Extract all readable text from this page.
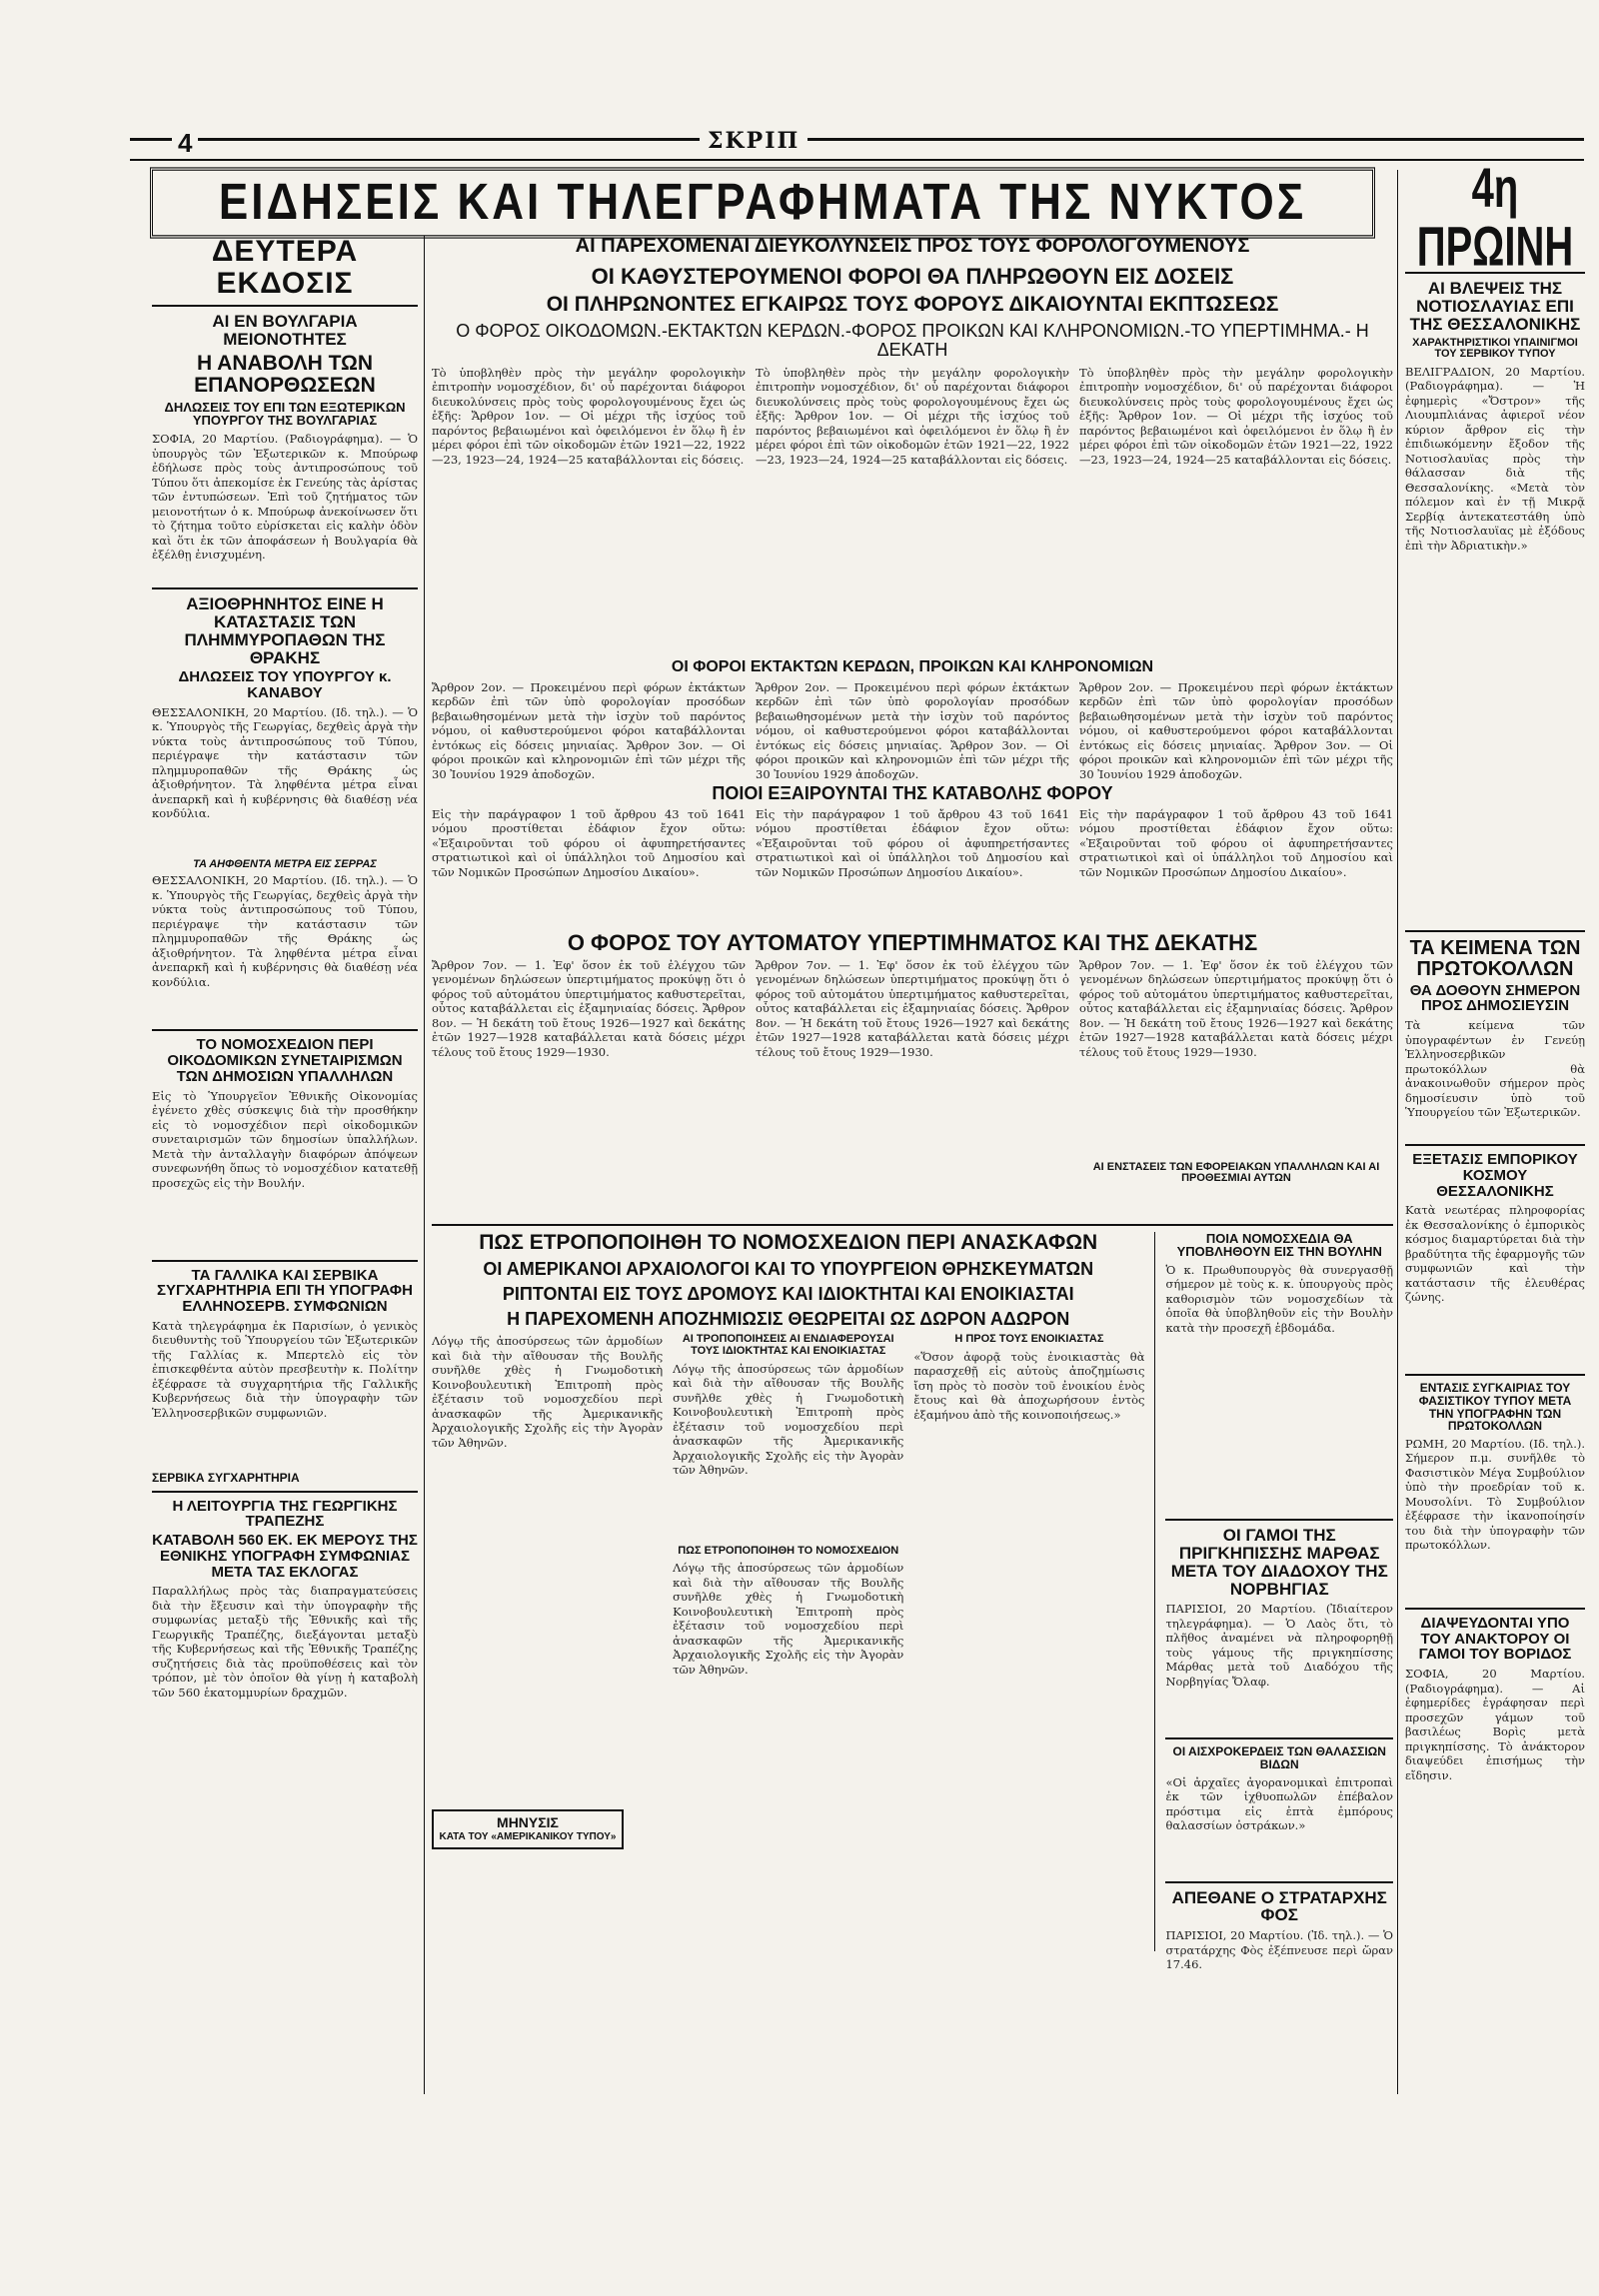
4	ΣΚΡΙΠ
ΕΙΔΗΣΕΙΣ ΚΑΙ ΤΗΛΕΓΡΑΦΗΜΑΤΑ ΤΗΣ ΝΥΚΤΟΣ
ΔΕΥΤΕΡΑ ΕΚΔΟΣΙΣ
ΑΙ ΕΝ ΒΟΥΛΓΑΡΙΑ ΜΕΙΟΝΟΤΗΤΕΣ
Η ΑΝΑΒΟΛΗ ΤΩΝ ΕΠΑΝΟΡΘΩΣΕΩΝ
ΔΗΛΩΣΕΙΣ ΤΟΥ ΕΠΙ ΤΩΝ ΕΞΩΤΕΡΙΚΩΝ ΥΠΟΥΡΓΟΥ ΤΗΣ ΒΟΥΛΓΑΡΙΑΣ
ΣΟΦΙΑ, 20 Μαρτίου. (Ραδιογράφημα). — Ὁ ὑπουργὸς τῶν Ἐξωτερικῶν κ. Μπούρωφ ἐδήλωσε πρὸς τοὺς ἀντιπροσώπους τοῦ Τύπου ὅτι ἀπεκομίσε ἐκ Γενεύης τὰς ἀρίστας τῶν ἐντυπώσεων. Ἐπὶ τοῦ ζητήματος τῶν μειονοτήτων ὁ κ. Μπούρωφ ἀνεκοίνωσεν ὅτι τὸ ζήτημα τοῦτο εὑρίσκεται εἰς καλὴν ὁδὸν καὶ ὅτι ἐκ τῶν ἀποφάσεων ἡ Βουλγαρία θὰ ἐξέλθῃ ἐνισχυμένη.
ΑΞΙΟΘΡΗΝΗΤΟΣ ΕΙΝΕ Η ΚΑΤΑΣΤΑΣΙΣ ΤΩΝ ΠΛΗΜΜΥΡΟΠΑΘΩΝ ΤΗΣ ΘΡΑΚΗΣ
ΔΗΛΩΣΕΙΣ ΤΟΥ ΥΠΟΥΡΓΟΥ κ. ΚΑΝΑΒΟΥ
ΘΕΣΣΑΛΟΝΙΚΗ, 20 Μαρτίου. (Ιδ. τηλ.). — Ὁ κ. Ὑπουργὸς τῆς Γεωργίας, δεχθεὶς ἀργὰ τὴν νύκτα τοὺς ἀντιπροσώπους τοῦ Τύπου, περιέγραψε τὴν κατάστασιν τῶν πλημμυροπαθῶν τῆς Θράκης ὡς ἀξιοθρήνητον. Τὰ ληφθέντα μέτρα εἶναι ἀνεπαρκῆ καὶ ἡ κυβέρνησις θὰ διαθέσῃ νέα κονδύλια.
ΤΑ ΑΗΦΘΕΝΤΑ ΜΕΤΡΑ ΕΙΣ ΣΕΡΡΑΣ
ΘΕΣΣΑΛΟΝΙΚΗ, 20 Μαρτίου. (Ιδ. τηλ.). — Ὁ κ. Ὑπουργὸς τῆς Γεωργίας, δεχθεὶς ἀργὰ τὴν νύκτα τοὺς ἀντιπροσώπους τοῦ Τύπου, περιέγραψε τὴν κατάστασιν τῶν πλημμυροπαθῶν τῆς Θράκης ὡς ἀξιοθρήνητον. Τὰ ληφθέντα μέτρα εἶναι ἀνεπαρκῆ καὶ ἡ κυβέρνησις θὰ διαθέσῃ νέα κονδύλια.
ΤΟ ΝΟΜΟΣΧΕΔΙΟΝ ΠΕΡΙ ΟΙΚΟΔΟΜΙΚΩΝ ΣΥΝΕΤΑΙΡΙΣΜΩΝ ΤΩΝ ΔΗΜΟΣΙΩΝ ΥΠΑΛΛΗΛΩΝ
Εἰς τὸ Ὑπουργεῖον Ἐθνικῆς Οἰκονομίας ἐγένετο χθὲς σύσκεψις διὰ τὴν προσθήκην εἰς τὸ νομοσχέδιον περὶ οἰκοδομικῶν συνεταιρισμῶν τῶν δημοσίων ὑπαλλήλων. Μετὰ τὴν ἀνταλλαγὴν διαφόρων ἀπόψεων συνεφωνήθη ὅπως τὸ νομοσχέδιον κατατεθῇ προσεχῶς εἰς τὴν Βουλήν.
ΤΑ ΓΑΛΛΙΚΑ ΚΑΙ ΣΕΡΒΙΚΑ ΣΥΓΧΑΡΗΤΗΡΙΑ ΕΠΙ ΤΗ ΥΠΟΓΡΑΦΗ ΕΛΛΗΝΟΣΕΡΒ. ΣΥΜΦΩΝΙΩΝ
Κατὰ τηλεγράφημα ἐκ Παρισίων, ὁ γενικὸς διευθυντὴς τοῦ Ὑπουργείου τῶν Ἐξωτερικῶν τῆς Γαλλίας κ. Μπερτελὸ εἰς τὸν ἐπισκεφθέντα αὐτὸν πρεσβευτὴν κ. Πολίτην ἐξέφρασε τὰ συγχαρητήρια τῆς Γαλλικῆς Κυβερνήσεως διὰ τὴν ὑπογραφὴν τῶν Ἑλληνοσερβικῶν συμφωνιῶν.
ΣΕΡΒΙΚΑ ΣΥΓΧΑΡΗΤΗΡΙΑ
Η ΛΕΙΤΟΥΡΓΙΑ ΤΗΣ ΓΕΩΡΓΙΚΗΣ ΤΡΑΠΕΖΗΣ
ΚΑΤΑΒΟΛΗ 560 ΕΚ. ΕΚ ΜΕΡΟΥΣ ΤΗΣ ΕΘΝΙΚΗΣ ΥΠΟΓΡΑΦΗ ΣΥΜΦΩΝΙΑΣ ΜΕΤΑ ΤΑΣ ΕΚΛΟΓΑΣ
Παραλλήλως πρὸς τὰς διαπραγματεύσεις διὰ τὴν ἔξευσιν καὶ τὴν ὑπογραφὴν τῆς συμφωνίας μεταξὺ τῆς Ἐθνικῆς καὶ τῆς Γεωργικῆς Τραπέζης, διεξάγονται μεταξὺ τῆς Κυβερνήσεως καὶ τῆς Ἐθνικῆς Τραπέζης συζητήσεις διὰ τὰς προϋποθέσεις καὶ τὸν τρόπον, μὲ τὸν ὁποῖον θὰ γίνῃ ἡ καταβολὴ τῶν 560 ἑκατομμυρίων δραχμῶν.
ΑΙ ΠΑΡΕΧΟΜΕΝΑΙ ΔΙΕΥΚΟΛΥΝΣΕΙΣ ΠΡΟΣ ΤΟΥΣ ΦΟΡΟΛΟΓΟΥΜΕΝΟΥΣ
ΟΙ ΚΑΘΥΣΤΕΡΟΥΜΕΝΟΙ ΦΟΡΟΙ ΘΑ ΠΛΗΡΩΘΟΥΝ ΕΙΣ ΔΟΣΕΙΣ
ΟΙ ΠΛΗΡΩΝΟΝΤΕΣ ΕΓΚΑΙΡΩΣ ΤΟΥΣ ΦΟΡΟΥΣ ΔΙΚΑΙΟΥΝΤΑΙ ΕΚΠΤΩΣΕΩΣ
Ο ΦΟΡΟΣ ΟΙΚΟΔΟΜΩΝ.-ΕΚΤΑΚΤΩΝ ΚΕΡΔΩΝ.-ΦΟΡΟΣ ΠΡΟΙΚΩΝ ΚΑΙ ΚΛΗΡΟΝΟΜΙΩΝ.-ΤΟ ΥΠΕΡΤΙΜΗΜΑ.- Η ΔΕΚΑΤΗ
Τὸ ὑποβληθὲν πρὸς τὴν μεγάλην φορολογικὴν ἐπιτροπὴν νομοσχέδιον, δι' οὗ παρέχονται διάφοροι διευκολύνσεις πρὸς τοὺς φορολογουμένους ἔχει ὡς ἑξῆς: Ἄρθρον 1ον. — Οἱ μέχρι τῆς ἰσχύος τοῦ παρόντος βεβαιωμένοι καὶ ὀφειλόμενοι ἐν ὅλῳ ἢ ἐν μέρει φόροι ἐπὶ τῶν οἰκοδομῶν ἐτῶν 1921—22, 1922—23, 1923—24, 1924—25 καταβάλλονται εἰς δόσεις.
Τὸ ὑποβληθὲν πρὸς τὴν μεγάλην φορολογικὴν ἐπιτροπὴν νομοσχέδιον, δι' οὗ παρέχονται διάφοροι διευκολύνσεις πρὸς τοὺς φορολογουμένους ἔχει ὡς ἑξῆς: Ἄρθρον 1ον. — Οἱ μέχρι τῆς ἰσχύος τοῦ παρόντος βεβαιωμένοι καὶ ὀφειλόμενοι ἐν ὅλῳ ἢ ἐν μέρει φόροι ἐπὶ τῶν οἰκοδομῶν ἐτῶν 1921—22, 1922—23, 1923—24, 1924—25 καταβάλλονται εἰς δόσεις.
Τὸ ὑποβληθὲν πρὸς τὴν μεγάλην φορολογικὴν ἐπιτροπὴν νομοσχέδιον, δι' οὗ παρέχονται διάφοροι διευκολύνσεις πρὸς τοὺς φορολογουμένους ἔχει ὡς ἑξῆς: Ἄρθρον 1ον. — Οἱ μέχρι τῆς ἰσχύος τοῦ παρόντος βεβαιωμένοι καὶ ὀφειλόμενοι ἐν ὅλῳ ἢ ἐν μέρει φόροι ἐπὶ τῶν οἰκοδομῶν ἐτῶν 1921—22, 1922—23, 1923—24, 1924—25 καταβάλλονται εἰς δόσεις.
ΟΙ ΦΟΡΟΙ ΕΚΤΑΚΤΩΝ ΚΕΡΔΩΝ, ΠΡΟΙΚΩΝ ΚΑΙ ΚΛΗΡΟΝΟΜΙΩΝ
Ἄρθρον 2ον. — Προκειμένου περὶ φόρων ἐκτάκτων κερδῶν ἐπὶ τῶν ὑπὸ φορολογίαν προσόδων βεβαιωθησομένων μετὰ τὴν ἰσχὺν τοῦ παρόντος νόμου, οἱ καθυστερούμενοι φόροι καταβάλλονται ἐντόκως εἰς δόσεις μηνιαίας. Ἄρθρον 3ον. — Οἱ φόροι προικῶν καὶ κληρονομιῶν ἐπὶ τῶν μέχρι τῆς 30 Ἰουνίου 1929 ἀποδοχῶν.
Ἄρθρον 2ον. — Προκειμένου περὶ φόρων ἐκτάκτων κερδῶν ἐπὶ τῶν ὑπὸ φορολογίαν προσόδων βεβαιωθησομένων μετὰ τὴν ἰσχὺν τοῦ παρόντος νόμου, οἱ καθυστερούμενοι φόροι καταβάλλονται ἐντόκως εἰς δόσεις μηνιαίας. Ἄρθρον 3ον. — Οἱ φόροι προικῶν καὶ κληρονομιῶν ἐπὶ τῶν μέχρι τῆς 30 Ἰουνίου 1929 ἀποδοχῶν.
Ἄρθρον 2ον. — Προκειμένου περὶ φόρων ἐκτάκτων κερδῶν ἐπὶ τῶν ὑπὸ φορολογίαν προσόδων βεβαιωθησομένων μετὰ τὴν ἰσχὺν τοῦ παρόντος νόμου, οἱ καθυστερούμενοι φόροι καταβάλλονται ἐντόκως εἰς δόσεις μηνιαίας. Ἄρθρον 3ον. — Οἱ φόροι προικῶν καὶ κληρονομιῶν ἐπὶ τῶν μέχρι τῆς 30 Ἰουνίου 1929 ἀποδοχῶν.
ΠΟΙΟΙ ΕΞΑΙΡΟΥΝΤΑΙ ΤΗΣ ΚΑΤΑΒΟΛΗΣ ΦΟΡΟΥ
Εἰς τὴν παράγραφον 1 τοῦ ἄρθρου 43 τοῦ 1641 νόμου προστίθεται ἐδάφιον ἔχον οὕτω: «Ἐξαιροῦνται τοῦ φόρου οἱ ἀφυπηρετήσαντες στρατιωτικοὶ καὶ οἱ ὑπάλληλοι τοῦ Δημοσίου καὶ τῶν Νομικῶν Προσώπων Δημοσίου Δικαίου».
Εἰς τὴν παράγραφον 1 τοῦ ἄρθρου 43 τοῦ 1641 νόμου προστίθεται ἐδάφιον ἔχον οὕτω: «Ἐξαιροῦνται τοῦ φόρου οἱ ἀφυπηρετήσαντες στρατιωτικοὶ καὶ οἱ ὑπάλληλοι τοῦ Δημοσίου καὶ τῶν Νομικῶν Προσώπων Δημοσίου Δικαίου».
Εἰς τὴν παράγραφον 1 τοῦ ἄρθρου 43 τοῦ 1641 νόμου προστίθεται ἐδάφιον ἔχον οὕτω: «Ἐξαιροῦνται τοῦ φόρου οἱ ἀφυπηρετήσαντες στρατιωτικοὶ καὶ οἱ ὑπάλληλοι τοῦ Δημοσίου καὶ τῶν Νομικῶν Προσώπων Δημοσίου Δικαίου».
Ο ΦΟΡΟΣ ΤΟΥ ΑΥΤΟΜΑΤΟΥ ΥΠΕΡΤΙΜΗΜΑΤΟΣ ΚΑΙ ΤΗΣ ΔΕΚΑΤΗΣ
Ἄρθρον 7ον. — 1. Ἐφ' ὅσον ἐκ τοῦ ἐλέγχου τῶν γενομένων δηλώσεων ὑπερτιμήματος προκύψῃ ὅτι ὁ φόρος τοῦ αὐτομάτου ὑπερτιμήματος καθυστερεῖται, οὗτος καταβάλλεται εἰς ἑξαμηνιαίας δόσεις. Ἄρθρον 8ον. — Ἡ δεκάτη τοῦ ἔτους 1926—1927 καὶ δεκάτης ἐτῶν 1927—1928 καταβάλλεται κατὰ δόσεις μέχρι τέλους τοῦ ἔτους 1929—1930.
Ἄρθρον 7ον. — 1. Ἐφ' ὅσον ἐκ τοῦ ἐλέγχου τῶν γενομένων δηλώσεων ὑπερτιμήματος προκύψῃ ὅτι ὁ φόρος τοῦ αὐτομάτου ὑπερτιμήματος καθυστερεῖται, οὗτος καταβάλλεται εἰς ἑξαμηνιαίας δόσεις. Ἄρθρον 8ον. — Ἡ δεκάτη τοῦ ἔτους 1926—1927 καὶ δεκάτης ἐτῶν 1927—1928 καταβάλλεται κατὰ δόσεις μέχρι τέλους τοῦ ἔτους 1929—1930.
Ἄρθρον 7ον. — 1. Ἐφ' ὅσον ἐκ τοῦ ἐλέγχου τῶν γενομένων δηλώσεων ὑπερτιμήματος προκύψῃ ὅτι ὁ φόρος τοῦ αὐτομάτου ὑπερτιμήματος καθυστερεῖται, οὗτος καταβάλλεται εἰς ἑξαμηνιαίας δόσεις. Ἄρθρον 8ον. — Ἡ δεκάτη τοῦ ἔτους 1926—1927 καὶ δεκάτης ἐτῶν 1927—1928 καταβάλλεται κατὰ δόσεις μέχρι τέλους τοῦ ἔτους 1929—1930.
ΑΙ ΕΝΣΤΑΣΕΙΣ ΤΩΝ ΕΦΟΡΕΙΑΚΩΝ ΥΠΑΛΛΗΛΩΝ ΚΑΙ ΑΙ ΠΡΟΘΕΣΜΙΑΙ ΑΥΤΩΝ
ΠΩΣ ΕΤΡΟΠΟΠΟΙΗΘΗ ΤΟ ΝΟΜΟΣΧΕΔΙΟΝ ΠΕΡΙ ΑΝΑΣΚΑΦΩΝ
ΟΙ ΑΜΕΡΙΚΑΝΟΙ ΑΡΧΑΙΟΛΟΓΟΙ ΚΑΙ ΤΟ ΥΠΟΥΡΓΕΙΟΝ ΘΡΗΣΚΕΥΜΑΤΩΝ
ΡΙΠΤΟΝΤΑΙ ΕΙΣ ΤΟΥΣ ΔΡΟΜΟΥΣ ΚΑΙ ΙΔΙΟΚΤΗΤΑΙ ΚΑΙ ΕΝΟΙΚΙΑΣΤΑΙ
Η ΠΑΡΕΧΟΜΕΝΗ ΑΠΟΖΗΜΙΩΣΙΣ ΘΕΩΡΕΙΤΑΙ ΩΣ ΔΩΡΟΝ ΑΔΩΡΟΝ
Λόγῳ τῆς ἀποσύρσεως τῶν ἀρμοδίων καὶ διὰ τὴν αἴθουσαν τῆς Βουλῆς συνῆλθε χθὲς ἡ Γνωμοδοτικὴ Κοινοβουλευτικὴ Ἐπιτροπὴ πρὸς ἐξέτασιν τοῦ νομοσχεδίου περὶ ἀνασκαφῶν τῆς Ἀμερικανικῆς Ἀρχαιολογικῆς Σχολῆς εἰς τὴν Ἀγορὰν τῶν Ἀθηνῶν.
ΑΙ ΤΡΟΠΟΠΟΙΗΣΕΙΣ ΑΙ ΕΝΔΙΑΦΕΡΟΥΣΑΙ ΤΟΥΣ ΙΔΙΟΚΤΗΤΑΣ ΚΑΙ ΕΝΟΙΚΙΑΣΤΑΣ
Λόγῳ τῆς ἀποσύρσεως τῶν ἀρμοδίων καὶ διὰ τὴν αἴθουσαν τῆς Βουλῆς συνῆλθε χθὲς ἡ Γνωμοδοτικὴ Κοινοβουλευτικὴ Ἐπιτροπὴ πρὸς ἐξέτασιν τοῦ νομοσχεδίου περὶ ἀνασκαφῶν τῆς Ἀμερικανικῆς Ἀρχαιολογικῆς Σχολῆς εἰς τὴν Ἀγορὰν τῶν Ἀθηνῶν.
ΠΩΣ ΕΤΡΟΠΟΠΟΙΗΘΗ ΤΟ ΝΟΜΟΣΧΕΔΙΟΝ
Λόγῳ τῆς ἀποσύρσεως τῶν ἀρμοδίων καὶ διὰ τὴν αἴθουσαν τῆς Βουλῆς συνῆλθε χθὲς ἡ Γνωμοδοτικὴ Κοινοβουλευτικὴ Ἐπιτροπὴ πρὸς ἐξέτασιν τοῦ νομοσχεδίου περὶ ἀνασκαφῶν τῆς Ἀμερικανικῆς Ἀρχαιολογικῆς Σχολῆς εἰς τὴν Ἀγορὰν τῶν Ἀθηνῶν.
Η ΠΡΟΣ ΤΟΥΣ ΕΝΟΙΚΙΑΣΤΑΣ
«Ὅσον ἀφορᾷ τοὺς ἐνοικιαστὰς θὰ παρασχεθῇ εἰς αὐτοὺς ἀποζημίωσις ἴση πρὸς τὸ ποσὸν τοῦ ἐνοικίου ἑνὸς ἔτους καὶ θὰ ἀποχωρήσουν ἐντὸς ἑξαμήνου ἀπὸ τῆς κοινοποιήσεως.»
ΜΗΝΥΣΙΣ
ΚΑΤΑ ΤΟΥ «ΑΜΕΡΙΚΑΝΙΚΟΥ ΤΥΠΟΥ»
ΠΟΙΑ ΝΟΜΟΣΧΕΔΙΑ ΘΑ ΥΠΟΒΛΗΘΟΥΝ ΕΙΣ ΤΗΝ ΒΟΥΛΗΝ
Ὁ κ. Πρωθυπουργὸς θὰ συνεργασθῇ σήμερον μὲ τοὺς κ. κ. ὑπουργοὺς πρὸς καθορισμὸν τῶν νομοσχεδίων τὰ ὁποῖα θὰ ὑποβληθοῦν εἰς τὴν Βουλὴν κατὰ τὴν προσεχῆ ἑβδομάδα.
ΟΙ ΓΑΜΟΙ ΤΗΣ ΠΡΙΓΚΗΠΙΣΣΗΣ ΜΑΡΘΑΣ ΜΕΤΑ ΤΟΥ ΔΙΑΔΟΧΟΥ ΤΗΣ ΝΟΡΒΗΓΙΑΣ
ΠΑΡΙΣΙΟΙ, 20 Μαρτίου. (Ἰδιαίτερον τηλεγράφημα). — Ὁ Λαὸς ὅτι, τὸ πλῆθος ἀναμένει νὰ πληροφορηθῇ τοὺς γάμους τῆς πριγκηπίσσης Μάρθας μετὰ τοῦ Διαδόχου τῆς Νορβηγίας Ὄλαφ.
ΟΙ ΑΙΣΧΡΟΚΕΡΔΕΙΣ ΤΩΝ ΘΑΛΑΣΣΙΩΝ ΒΙΔΩΝ
«Οἱ ἀρχαῖες ἀγορανομικαὶ ἐπιτροπαὶ ἐκ τῶν ἰχθυοπωλῶν ἐπέβαλον πρόστιμα εἰς ἐπτὰ ἐμπόρους θαλασσίων ὀστράκων.»
ΑΠΕΘΑΝΕ Ο ΣΤΡΑΤΑΡΧΗΣ ΦΟΣ
ΠΑΡΙΣΙΟΙ, 20 Μαρτίου. (Ἰδ. τηλ.). — Ὁ στρατάρχης Φὸς ἐξέπνευσε περὶ ὥραν 17.46.
4η ΠΡΩΙΝΗ
ΑΙ ΒΛΕΨΕΙΣ ΤΗΣ ΝΟΤΙΟΣΛΑΥΙΑΣ ΕΠΙ ΤΗΣ ΘΕΣΣΑΛΟΝΙΚΗΣ
ΧΑΡΑΚΤΗΡΙΣΤΙΚΟΙ ΥΠΑΙΝΙΓΜΟΙ ΤΟΥ ΣΕΡΒΙΚΟΥ ΤΥΠΟΥ
ΒΕΛΙΓΡΑΔΙΟΝ, 20 Μαρτίου. (Ραδιογράφημα). — Ἡ ἐφημερὶς «Ὄστρον» τῆς Λιουμπλιάνας ἀφιεροῖ νέον κύριον ἄρθρον εἰς τὴν ἐπιδιωκόμενην ἔξοδον τῆς Νοτιοσλαυϊας πρὸς τὴν θάλασσαν διὰ τῆς Θεσσαλονίκης. «Μετὰ τὸν πόλεμον καὶ ἐν τῇ Μικρᾷ Σερβίᾳ ἀντεκατεστάθη ὑπὸ τῆς Νοτιοσλαυϊας μὲ ἐξόδους ἐπὶ τὴν Ἀδριατικὴν.»
ΤΑ ΚΕΙΜΕΝΑ ΤΩΝ ΠΡΩΤΟΚΟΛΛΩΝ
ΘΑ ΔΟΘΟΥΝ ΣΗΜΕΡΟΝ ΠΡΟΣ ΔΗΜΟΣΙΕΥΣΙΝ
Τὰ κείμενα τῶν ὑπογραφέντων ἐν Γενεύῃ Ἑλληνοσερβικῶν πρωτοκόλλων θὰ ἀνακοινωθοῦν σήμερον πρὸς δημοσίευσιν ὑπὸ τοῦ Ὑπουργείου τῶν Ἐξωτερικῶν.
ΕΞΕΤΑΣΙΣ ΕΜΠΟΡΙΚΟΥ ΚΟΣΜΟΥ ΘΕΣΣΑΛΟΝΙΚΗΣ
Κατὰ νεωτέρας πληροφορίας ἐκ Θεσσαλονίκης ὁ ἐμπορικὸς κόσμος διαμαρτύρεται διὰ τὴν βραδύτητα τῆς ἐφαρμογῆς τῶν συμφωνιῶν καὶ τὴν κατάστασιν τῆς ἐλευθέρας ζώνης.
ΕΝΤΑΣΙΣ ΣΥΓΚΑΙΡΙΑΣ ΤΟΥ ΦΑΣΙΣΤΙΚΟΥ ΤΥΠΟΥ ΜΕΤΑ ΤΗΝ ΥΠΟΓΡΑΦΗΝ ΤΩΝ ΠΡΩΤΟΚΟΛΛΩΝ
ΡΩΜΗ, 20 Μαρτίου. (Ιδ. τηλ.). Σήμερον π.μ. συνῆλθε τὸ Φασιστικὸν Μέγα Συμβούλιον ὑπὸ τὴν προεδρίαν τοῦ κ. Μουσολίνι. Τὸ Συμβούλιον ἐξέφρασε τὴν ἱκανοποίησίν του διὰ τὴν ὑπογραφὴν τῶν πρωτοκόλλων.
ΔΙΑΨΕΥΔΟΝΤΑΙ ΥΠΟ ΤΟΥ ΑΝΑΚΤΟΡΟΥ ΟΙ ΓΑΜΟΙ ΤΟΥ ΒΟΡΙΔΟΣ
ΣΟΦΙΑ, 20 Μαρτίου. (Ραδιογράφημα). — Αἱ ἐφημερίδες ἐγράφησαν περὶ προσεχῶν γάμων τοῦ βασιλέως Βορὶς μετὰ πριγκηπίσσης. Τὸ ἀνάκτορον διαψεύδει ἐπισήμως τὴν εἴδησιν.
